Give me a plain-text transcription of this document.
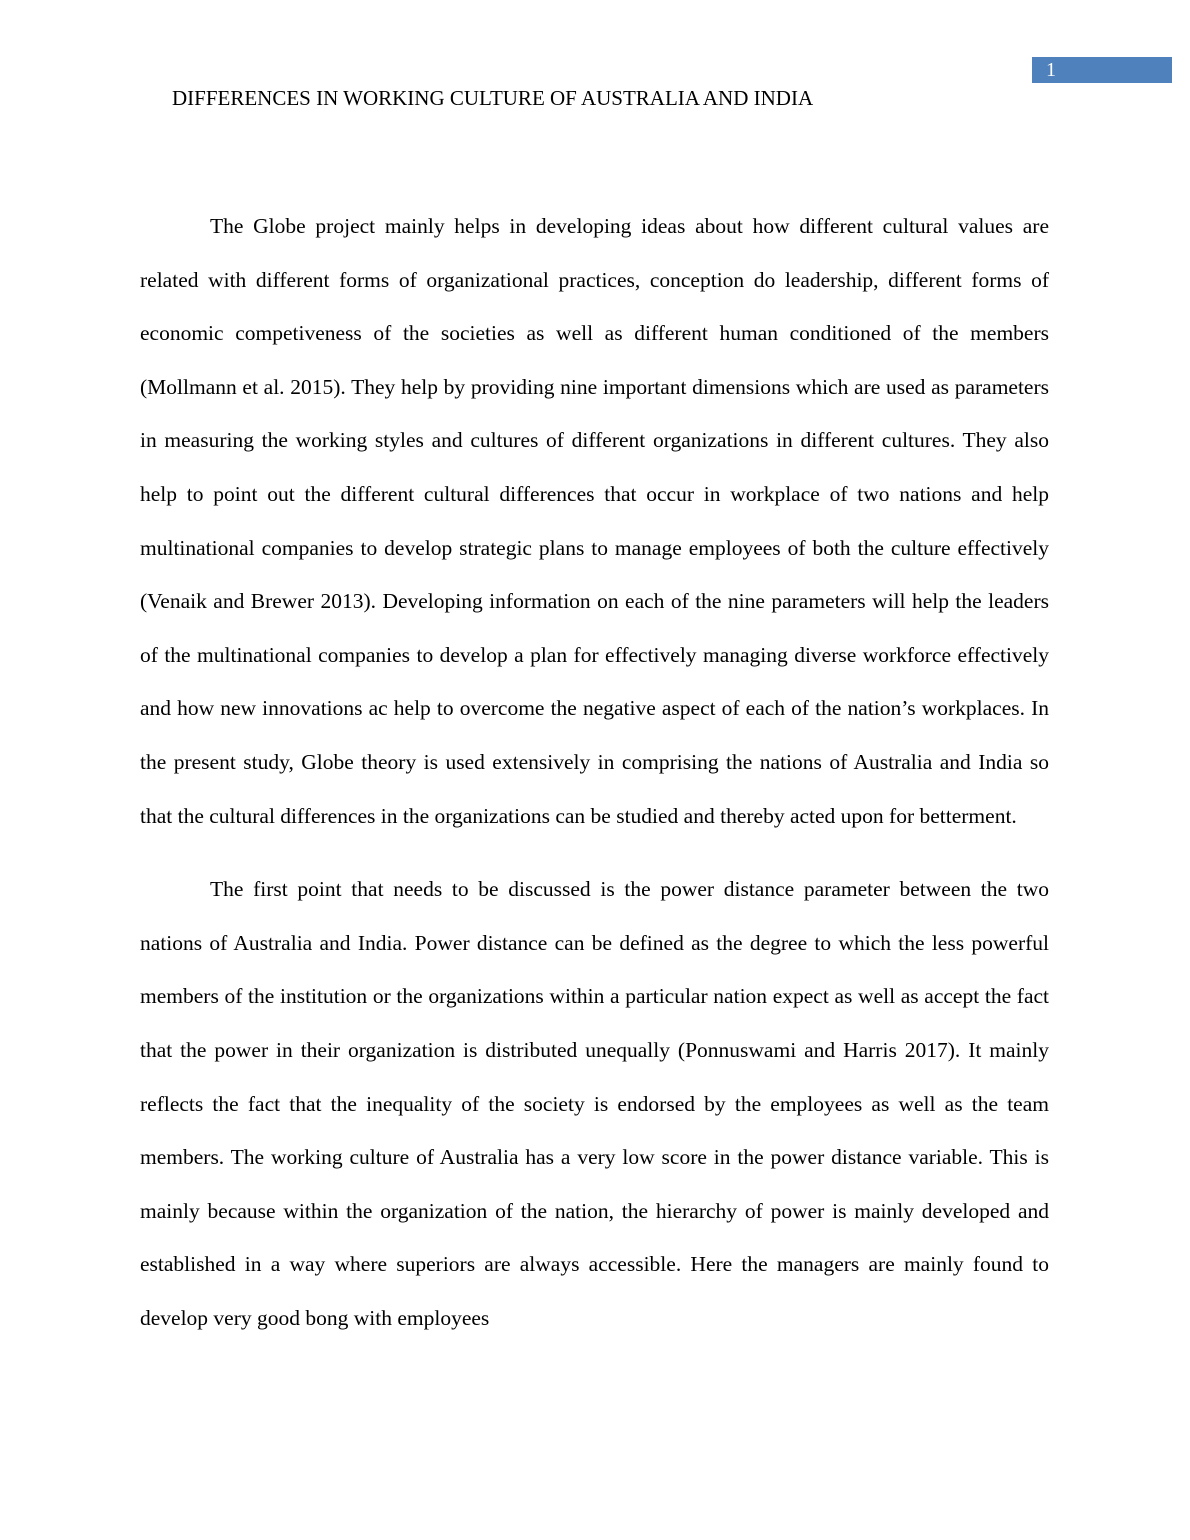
1
DIFFERENCES IN WORKING CULTURE OF AUSTRALIA AND INDIA

The Globe project mainly helps in developing ideas about how different cultural values are related with different forms of organizational practices, conception do leadership, different forms of economic competiveness of the societies as well as different human conditioned of the members (Mollmann et al. 2015). They help by providing nine important dimensions which are used as parameters in measuring the working styles and cultures of different organizations in different cultures. They also help to point out the different cultural differences that occur in workplace of two nations and help multinational companies to develop strategic plans to manage employees of both the culture effectively (Venaik and Brewer 2013). Developing information on each of the nine parameters will help the leaders of the multinational companies to develop a plan for effectively managing diverse workforce effectively and how new innovations ac help to overcome the negative aspect of each of the nation’s workplaces. In the present study, Globe theory is used extensively in comprising the nations of Australia and India so that the cultural differences in the organizations can be studied and thereby acted upon for betterment.

The first point that needs to be discussed is the power distance parameter between the two nations of Australia and India. Power distance can be defined as the degree to which the less powerful members of the institution or the organizations within a particular nation expect as well as accept the fact that the power in their organization is distributed unequally (Ponnuswami and Harris 2017). It mainly reflects the fact that the inequality of the society is endorsed by the employees as well as the team members. The working culture of Australia has a very low score in the power distance variable. This is mainly because within the organization of the nation, the hierarchy of power is mainly developed and established in a way where superiors are always accessible. Here the managers are mainly found to develop very good bong with employees
